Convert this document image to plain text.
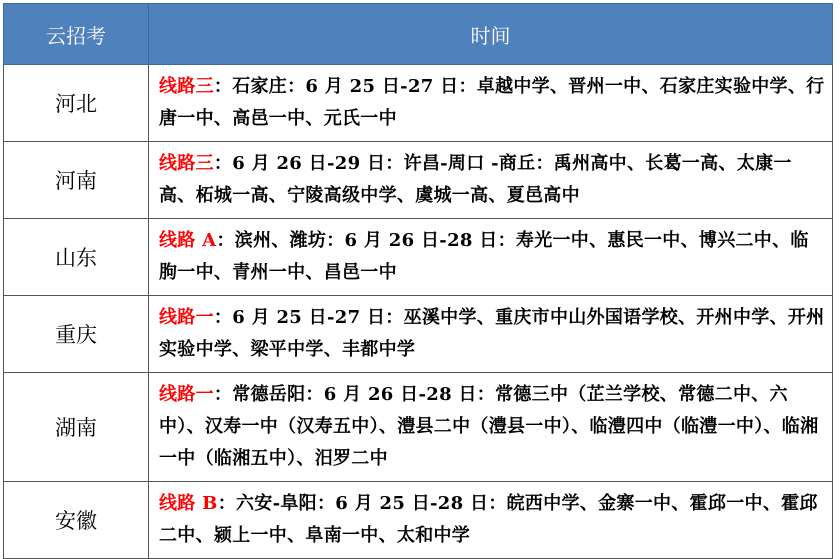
云招考	时间
河北	线路三：石家庄：6 月 25 日-27 日：卓越中学、晋州一中、石家庄实验中学、行唐一中、高邑一中、元氏一中
河南	线路三：6 月 26 日-29 日：许昌-周口 -商丘：禹州高中、长葛一高、太康一高、柘城一高、宁陵高级中学、虞城一高、夏邑高中
山东	线路 A：滨州、潍坊：6 月 26 日-28 日：寿光一中、惠民一中、博兴二中、临朐一中、青州一中、昌邑一中
重庆	线路一：6 月 25 日-27 日：巫溪中学、重庆市中山外国语学校、开州中学、开州实验中学、梁平中学、丰都中学
湖南	线路一：常德岳阳：6 月 26 日-28 日：常德三中（芷兰学校、常德二中、六中）、汉寿一中（汉寿五中）、澧县二中（澧县一中）、临澧四中（临澧一中）、临湘一中（临湘五中）、汨罗二中
安徽	线路 B：六安-阜阳：6 月 25 日-28 日：皖西中学、金寨一中、霍邱一中、霍邱二中、颍上一中、阜南一中、太和中学
